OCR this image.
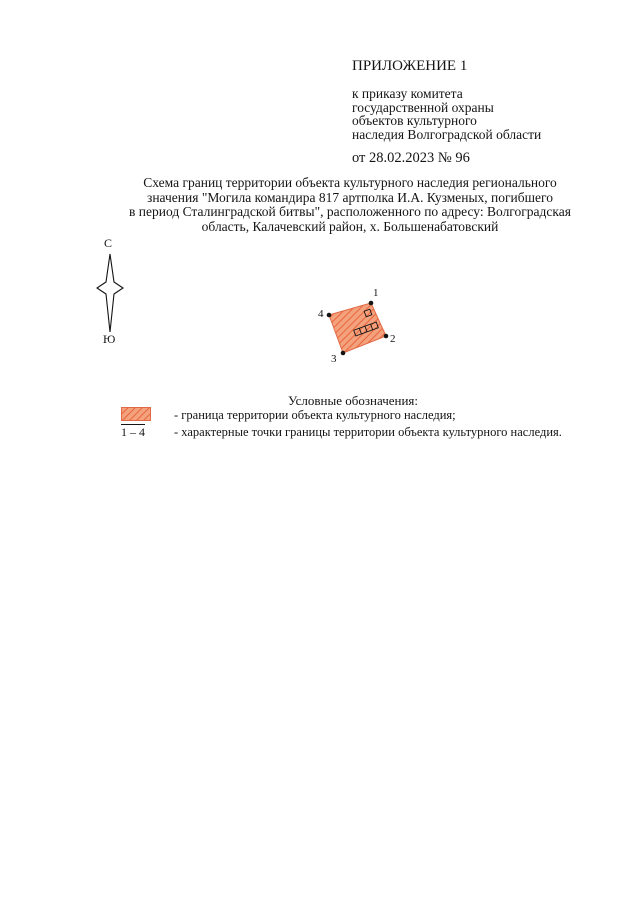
ПРИЛОЖЕНИЕ 1
к приказу комитета
государственной охраны
объектов культурного
наследия Волгоградской области
от 28.02.2023 № 96
Схема границ территории объекта культурного наследия регионального
значения "Могила командира 817 артполка И.А. Кузменых, погибшего
в период Сталинградской битвы", расположенного по адресу: Волгоградская
область, Калачевский район, х. Большенабатовский
С
Ю
1
2
3
4
Условные обозначения:
1 – 4
- граница территории объекта культурного наследия;
- характерные точки границы территории объекта культурного наследия.
